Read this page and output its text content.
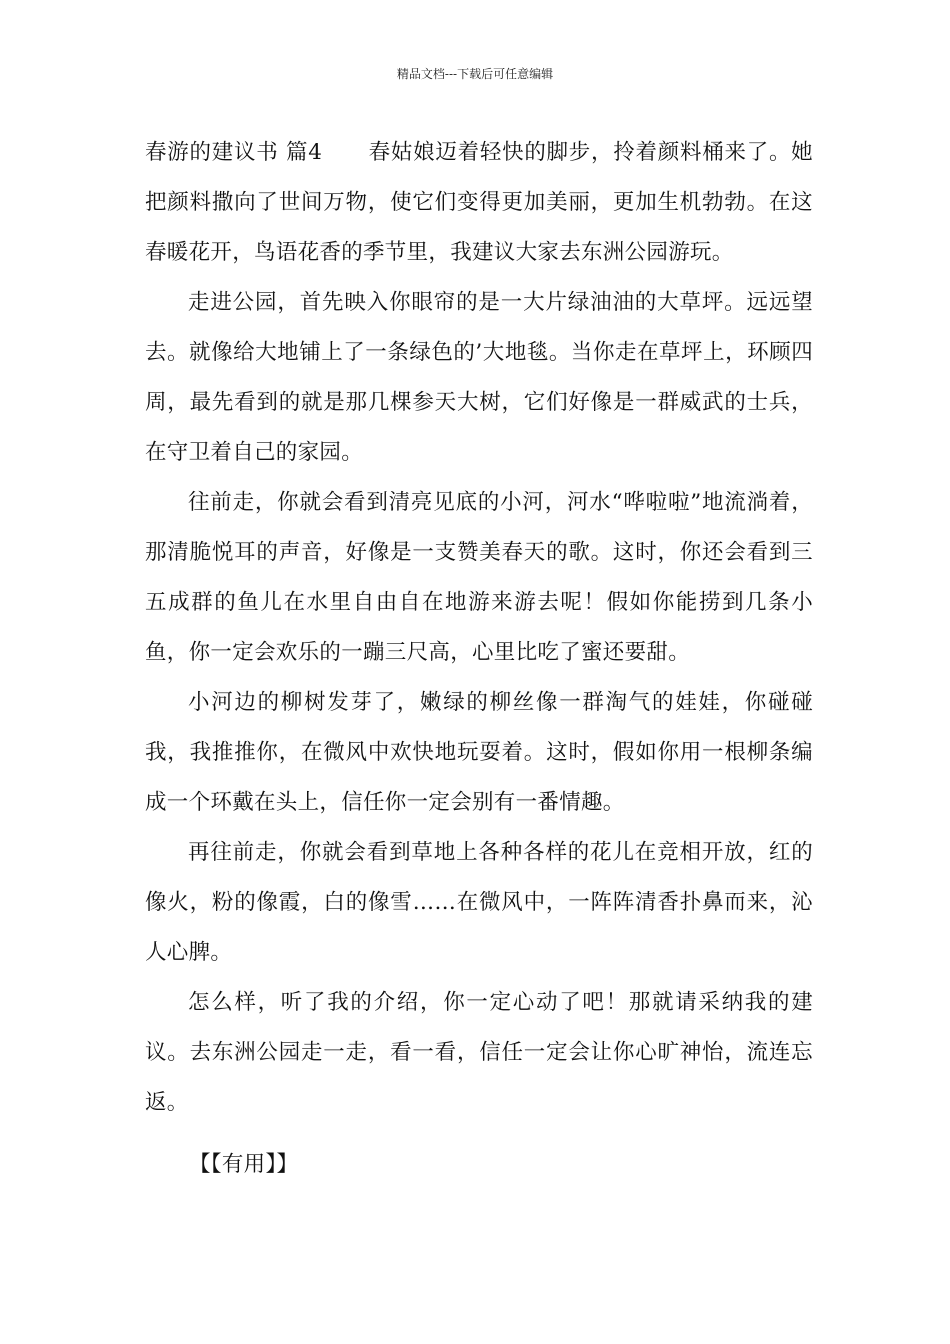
精品文档---下载后可任意编辑

春游的建议书 篇4 春姑娘迈着轻快的脚步，拎着颜料桶来了。她把颜料撒向了世间万物，使它们变得更加美丽，更加生机勃勃。在这春暖花开，鸟语花香的季节里，我建议大家去东洲公园游玩。

走进公园，首先映入你眼帘的是一大片绿油油的大草坪。远远望去。就像给大地铺上了一条绿色的’大地毯。当你走在草坪上，环顾四周，最先看到的就是那几棵参天大树，它们好像是一群威武的士兵，在守卫着自己的家园。

往前走，你就会看到清亮见底的小河，河水“哗啦啦”地流淌着，那清脆悦耳的声音，好像是一支赞美春天的歌。这时，你还会看到三五成群的鱼儿在水里自由自在地游来游去呢！假如你能捞到几条小鱼，你一定会欢乐的一蹦三尺高，心里比吃了蜜还要甜。

小河边的柳树发芽了，嫩绿的柳丝像一群淘气的娃娃，你碰碰我，我推推你，在微风中欢快地玩耍着。这时，假如你用一根柳条编成一个环戴在头上，信任你一定会别有一番情趣。

再往前走，你就会看到草地上各种各样的花儿在竞相开放，红的像火，粉的像霞，白的像雪……在微风中，一阵阵清香扑鼻而来，沁人心脾。

怎么样，听了我的介绍，你一定心动了吧！那就请采纳我的建议。去东洲公园走一走，看一看，信任一定会让你心旷神怡，流连忘返。

【【有用】】
